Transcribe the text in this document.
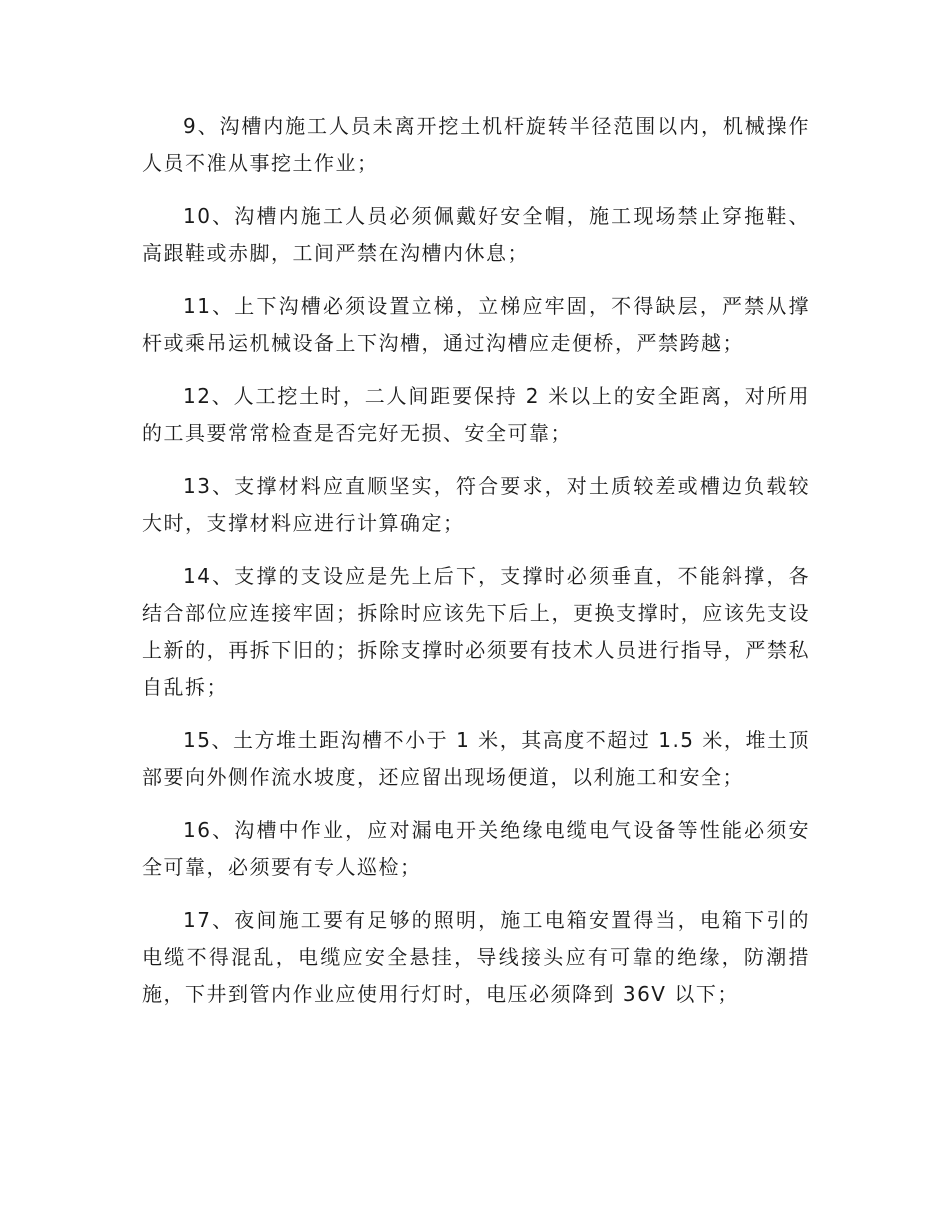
9、沟槽内施工人员未离开挖土机杆旋转半径范围以内，机械操作人员不准从事挖土作业；

10、沟槽内施工人员必须佩戴好安全帽，施工现场禁止穿拖鞋、高跟鞋或赤脚，工间严禁在沟槽内休息；

11、上下沟槽必须设置立梯，立梯应牢固，不得缺层，严禁从撑杆或乘吊运机械设备上下沟槽，通过沟槽应走便桥，严禁跨越；

12、人工挖土时，二人间距要保持 2 米以上的安全距离，对所用的工具要常常检查是否完好无损、安全可靠；

13、支撑材料应直顺坚实，符合要求，对土质较差或槽边负载较大时，支撑材料应进行计算确定；

14、支撑的支设应是先上后下，支撑时必须垂直，不能斜撑，各结合部位应连接牢固；拆除时应该先下后上，更换支撑时，应该先支设上新的，再拆下旧的；拆除支撑时必须要有技术人员进行指导，严禁私自乱拆；

15、土方堆土距沟槽不小于 1 米，其高度不超过 1.5 米，堆土顶部要向外侧作流水坡度，还应留出现场便道，以利施工和安全；

16、沟槽中作业，应对漏电开关绝缘电缆电气设备等性能必须安全可靠，必须要有专人巡检；

17、夜间施工要有足够的照明，施工电箱安置得当，电箱下引的电缆不得混乱，电缆应安全悬挂，导线接头应有可靠的绝缘，防潮措施，下井到管内作业应使用行灯时，电压必须降到 36V 以下；
